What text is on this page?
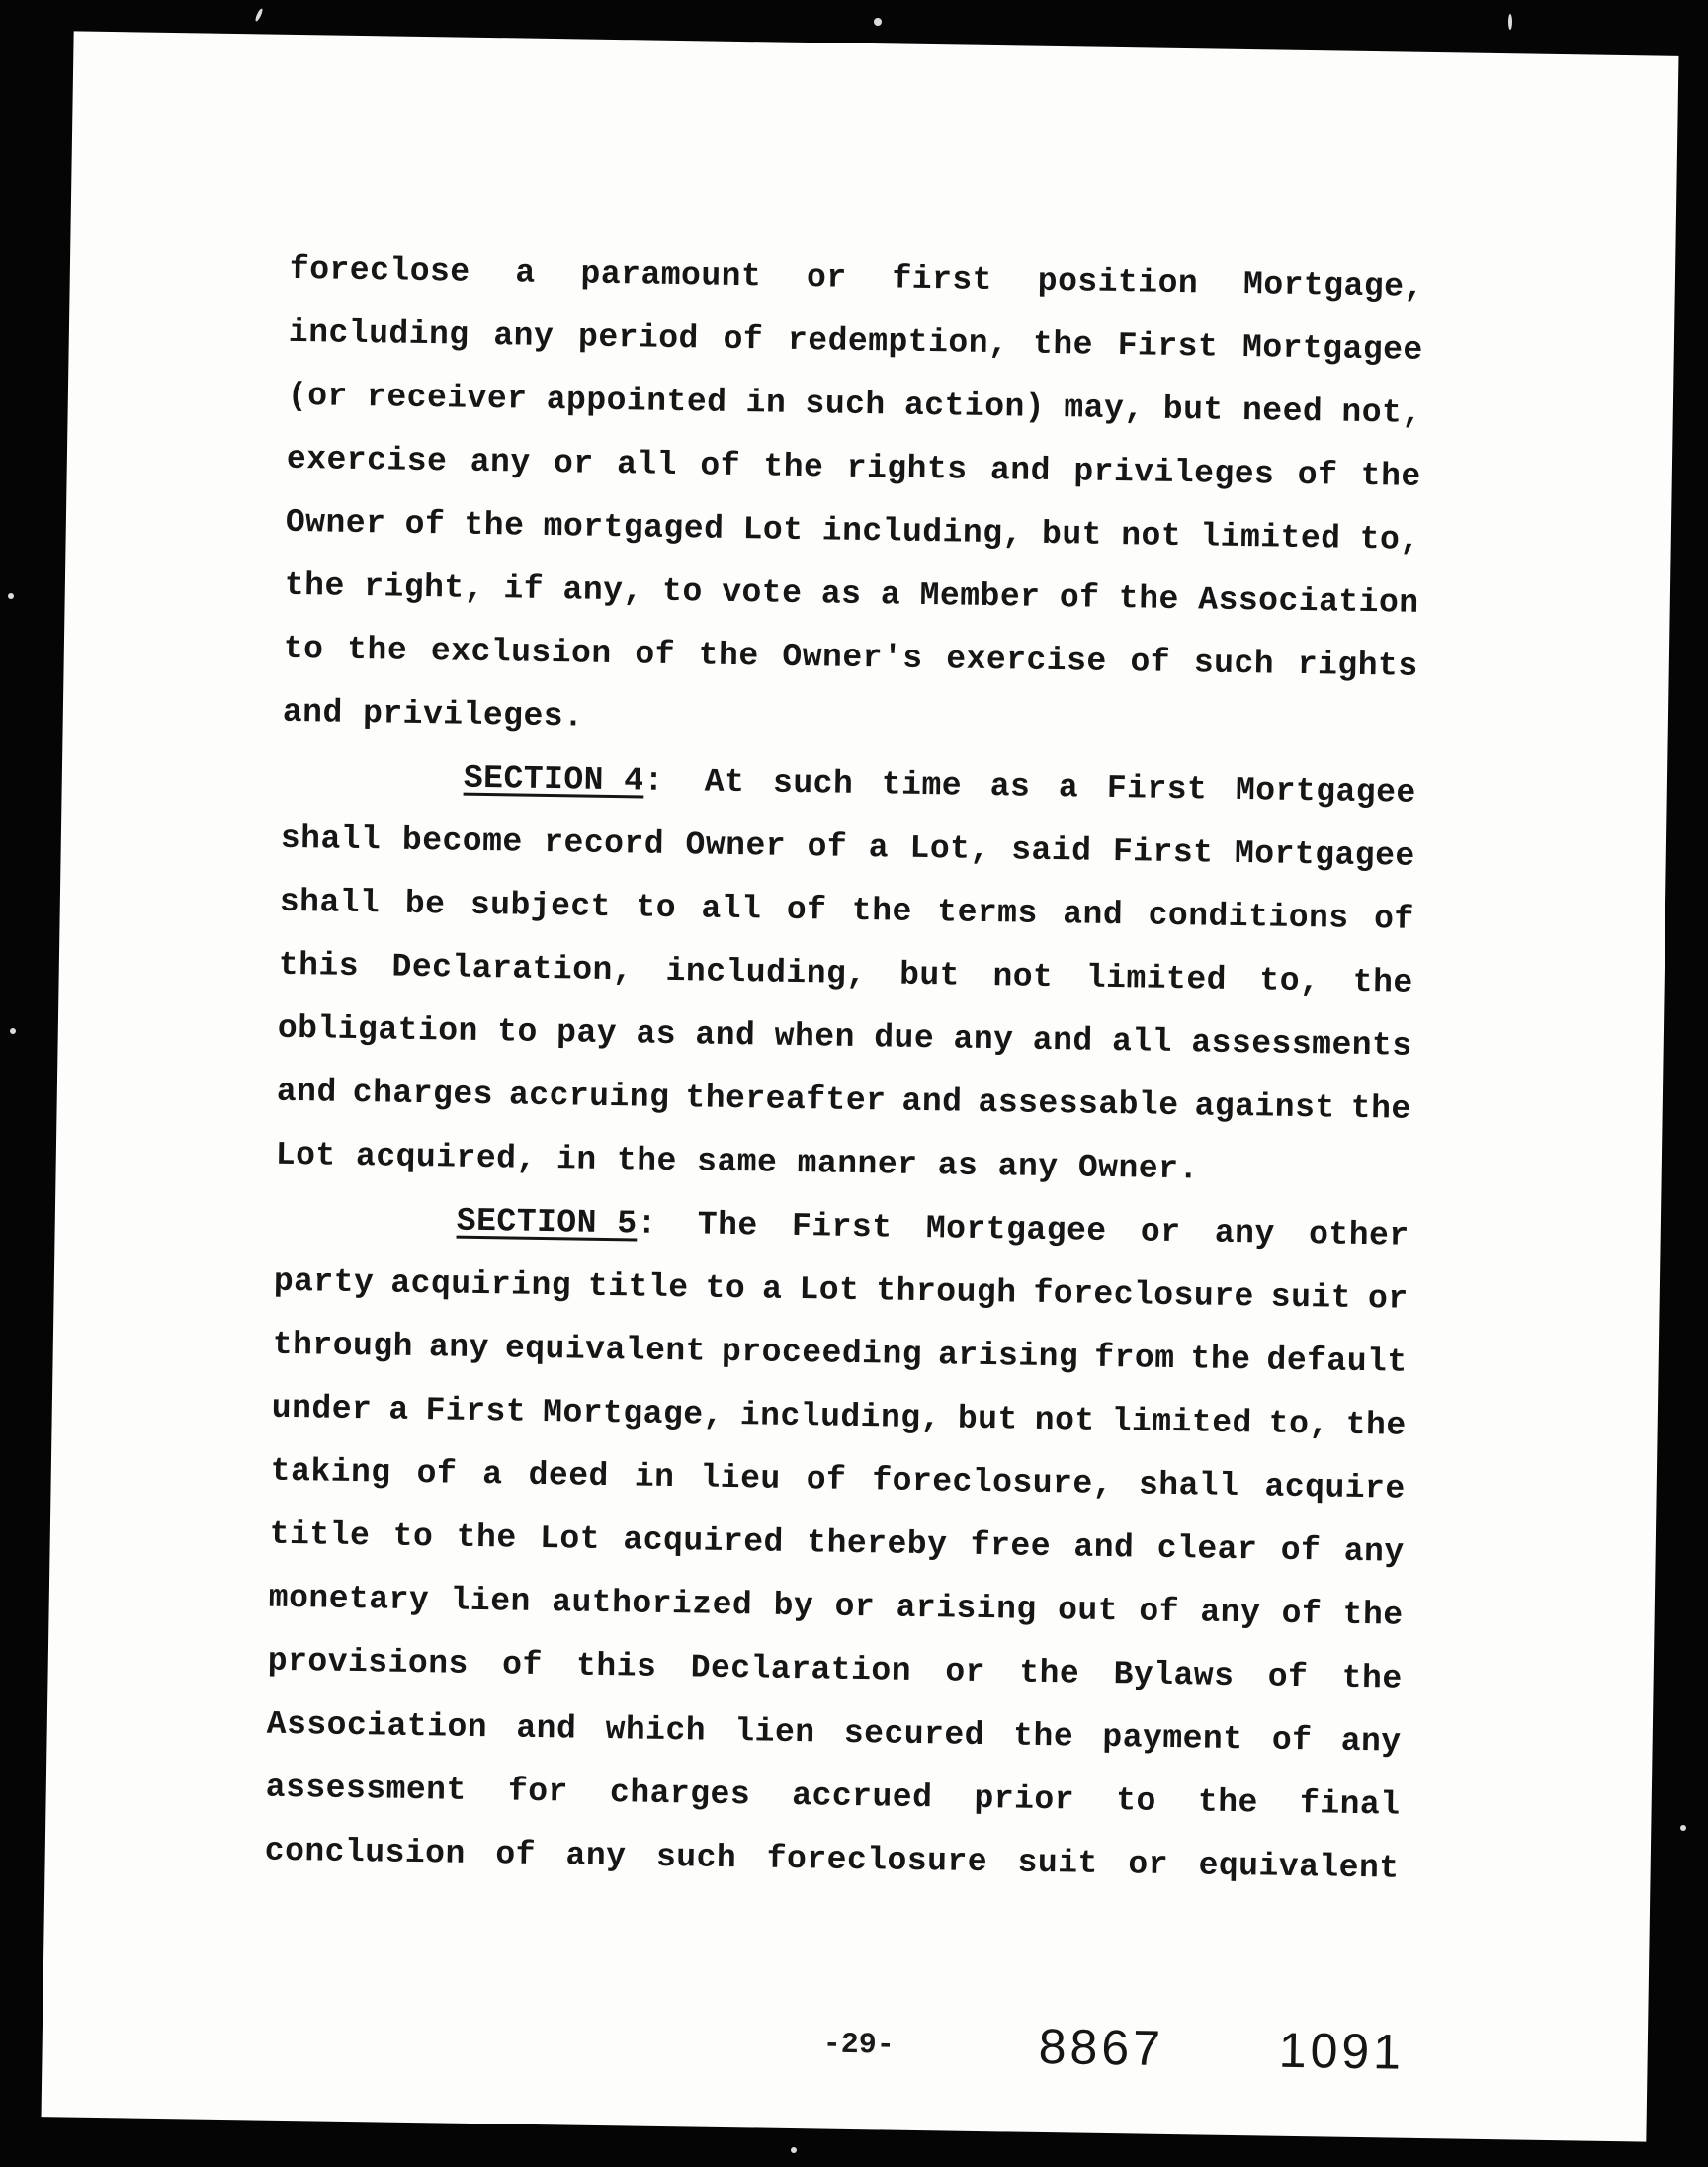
foreclose a paramount or first position Mortgage,
including any period of redemption, the First Mortgagee
(or receiver appointed in such action) may, but need not,
exercise any or all of the rights and privileges of the
Owner of the mortgaged Lot including, but not limited to,
the right, if any, to vote as a Member of the Association
to the exclusion of the Owner's exercise of such rights
and privileges.
SECTION 4: At such time as a First Mortgagee
shall become record Owner of a Lot, said First Mortgagee
shall be subject to all of the terms and conditions of
this Declaration, including, but not limited to, the
obligation to pay as and when due any and all assessments
and charges accruing thereafter and assessable against the
Lot acquired, in the same manner as any Owner.
SECTION 5: The First Mortgagee or any other
party acquiring title to a Lot through foreclosure suit or
through any equivalent proceeding arising from the default
under a First Mortgage, including, but not limited to, the
taking of a deed in lieu of foreclosure, shall acquire
title to the Lot acquired thereby free and clear of any
monetary lien authorized by or arising out of any of the
provisions of this Declaration or the Bylaws of the
Association and which lien secured the payment of any
assessment for charges accrued prior to the final
conclusion of any such foreclosure suit or equivalent
-29-	8867 1091
